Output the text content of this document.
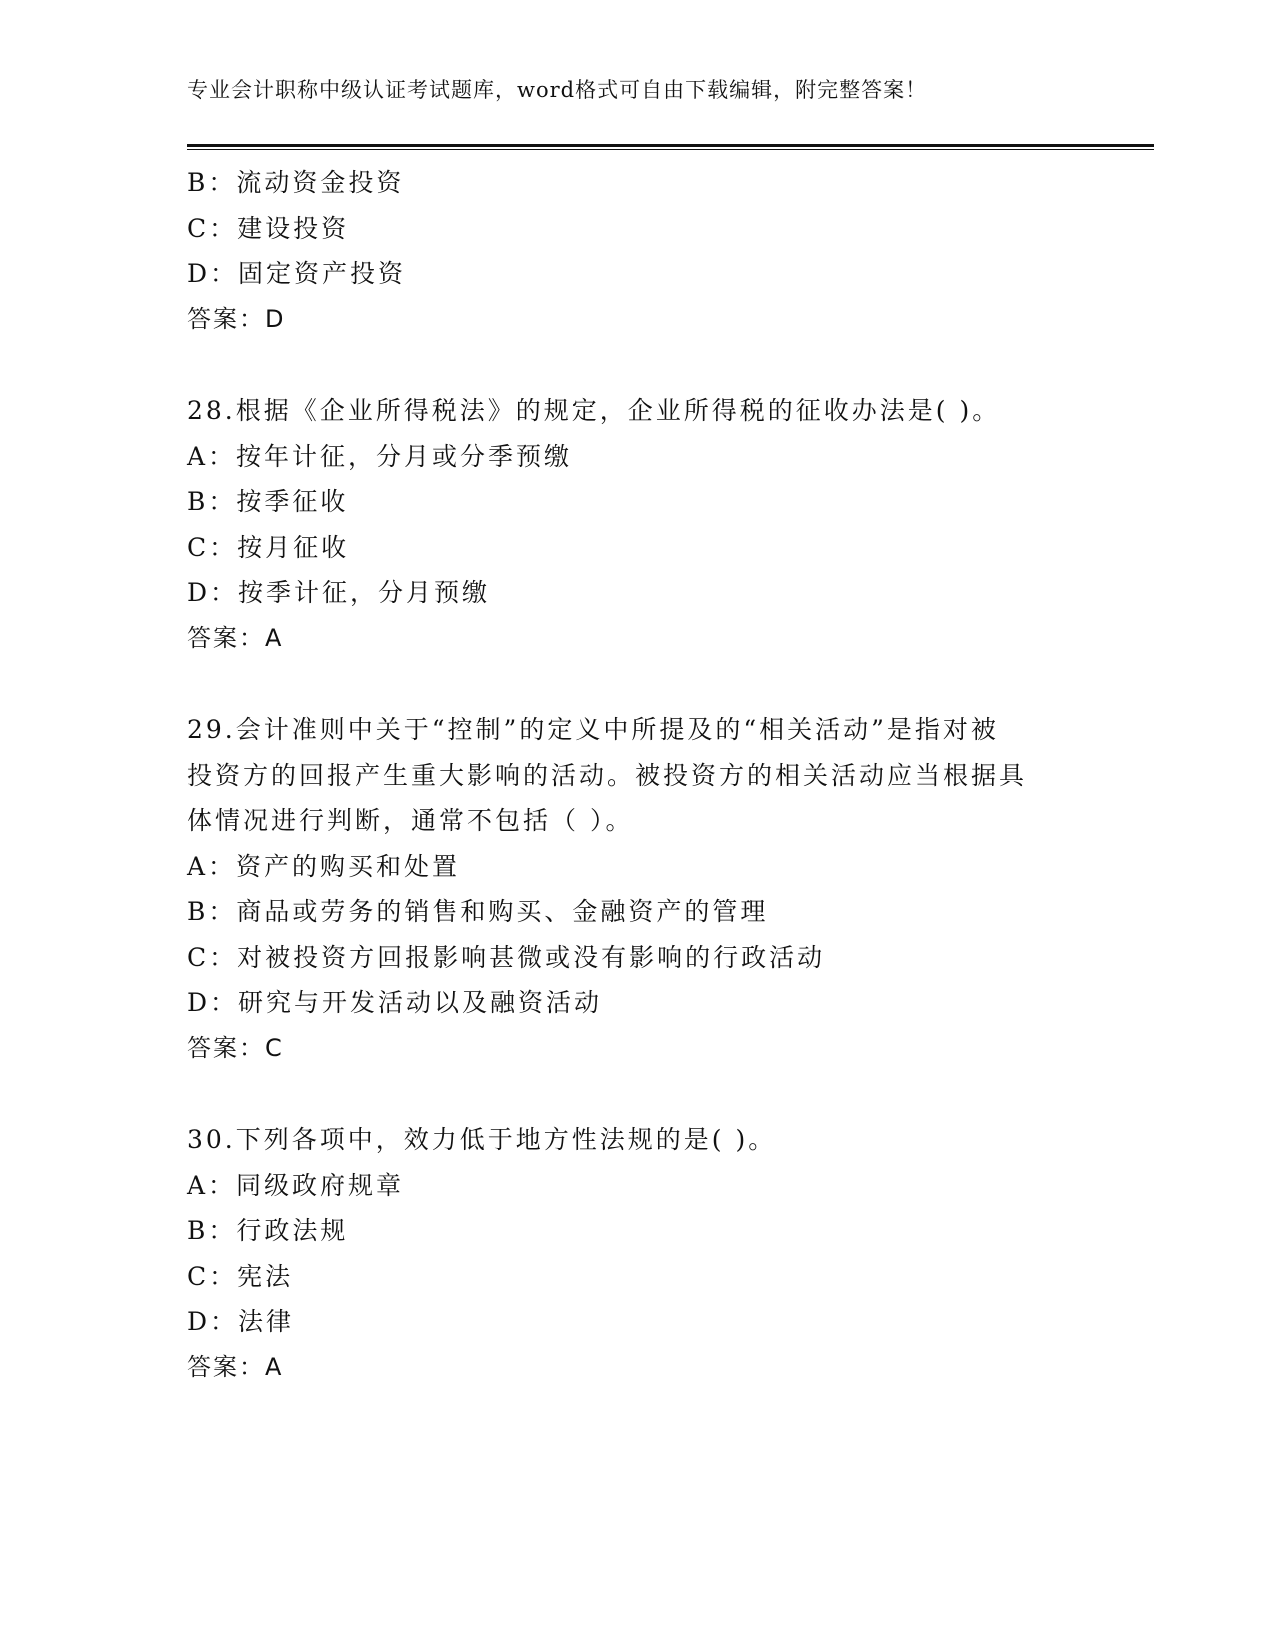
专业会计职称中级认证考试题库，word格式可自由下载编辑，附完整答案！

B：流动资金投资

C：建设投资

D：固定资产投资

答案：D

28.根据《企业所得税法》的规定，企业所得税的征收办法是( )。

A：按年计征，分月或分季预缴

B：按季征收

C：按月征收

D：按季计征，分月预缴

答案：A

29.会计准则中关于“控制”的定义中所提及的“相关活动”是指对被

投资方的回报产生重大影响的活动。被投资方的相关活动应当根据具

体情况进行判断，通常不包括（ ）。

A：资产的购买和处置

B：商品或劳务的销售和购买、金融资产的管理

C：对被投资方回报影响甚微或没有影响的行政活动

D：研究与开发活动以及融资活动

答案：C

30.下列各项中，效力低于地方性法规的是( )。

A：同级政府规章

B：行政法规

C：宪法

D：法律

答案：A
